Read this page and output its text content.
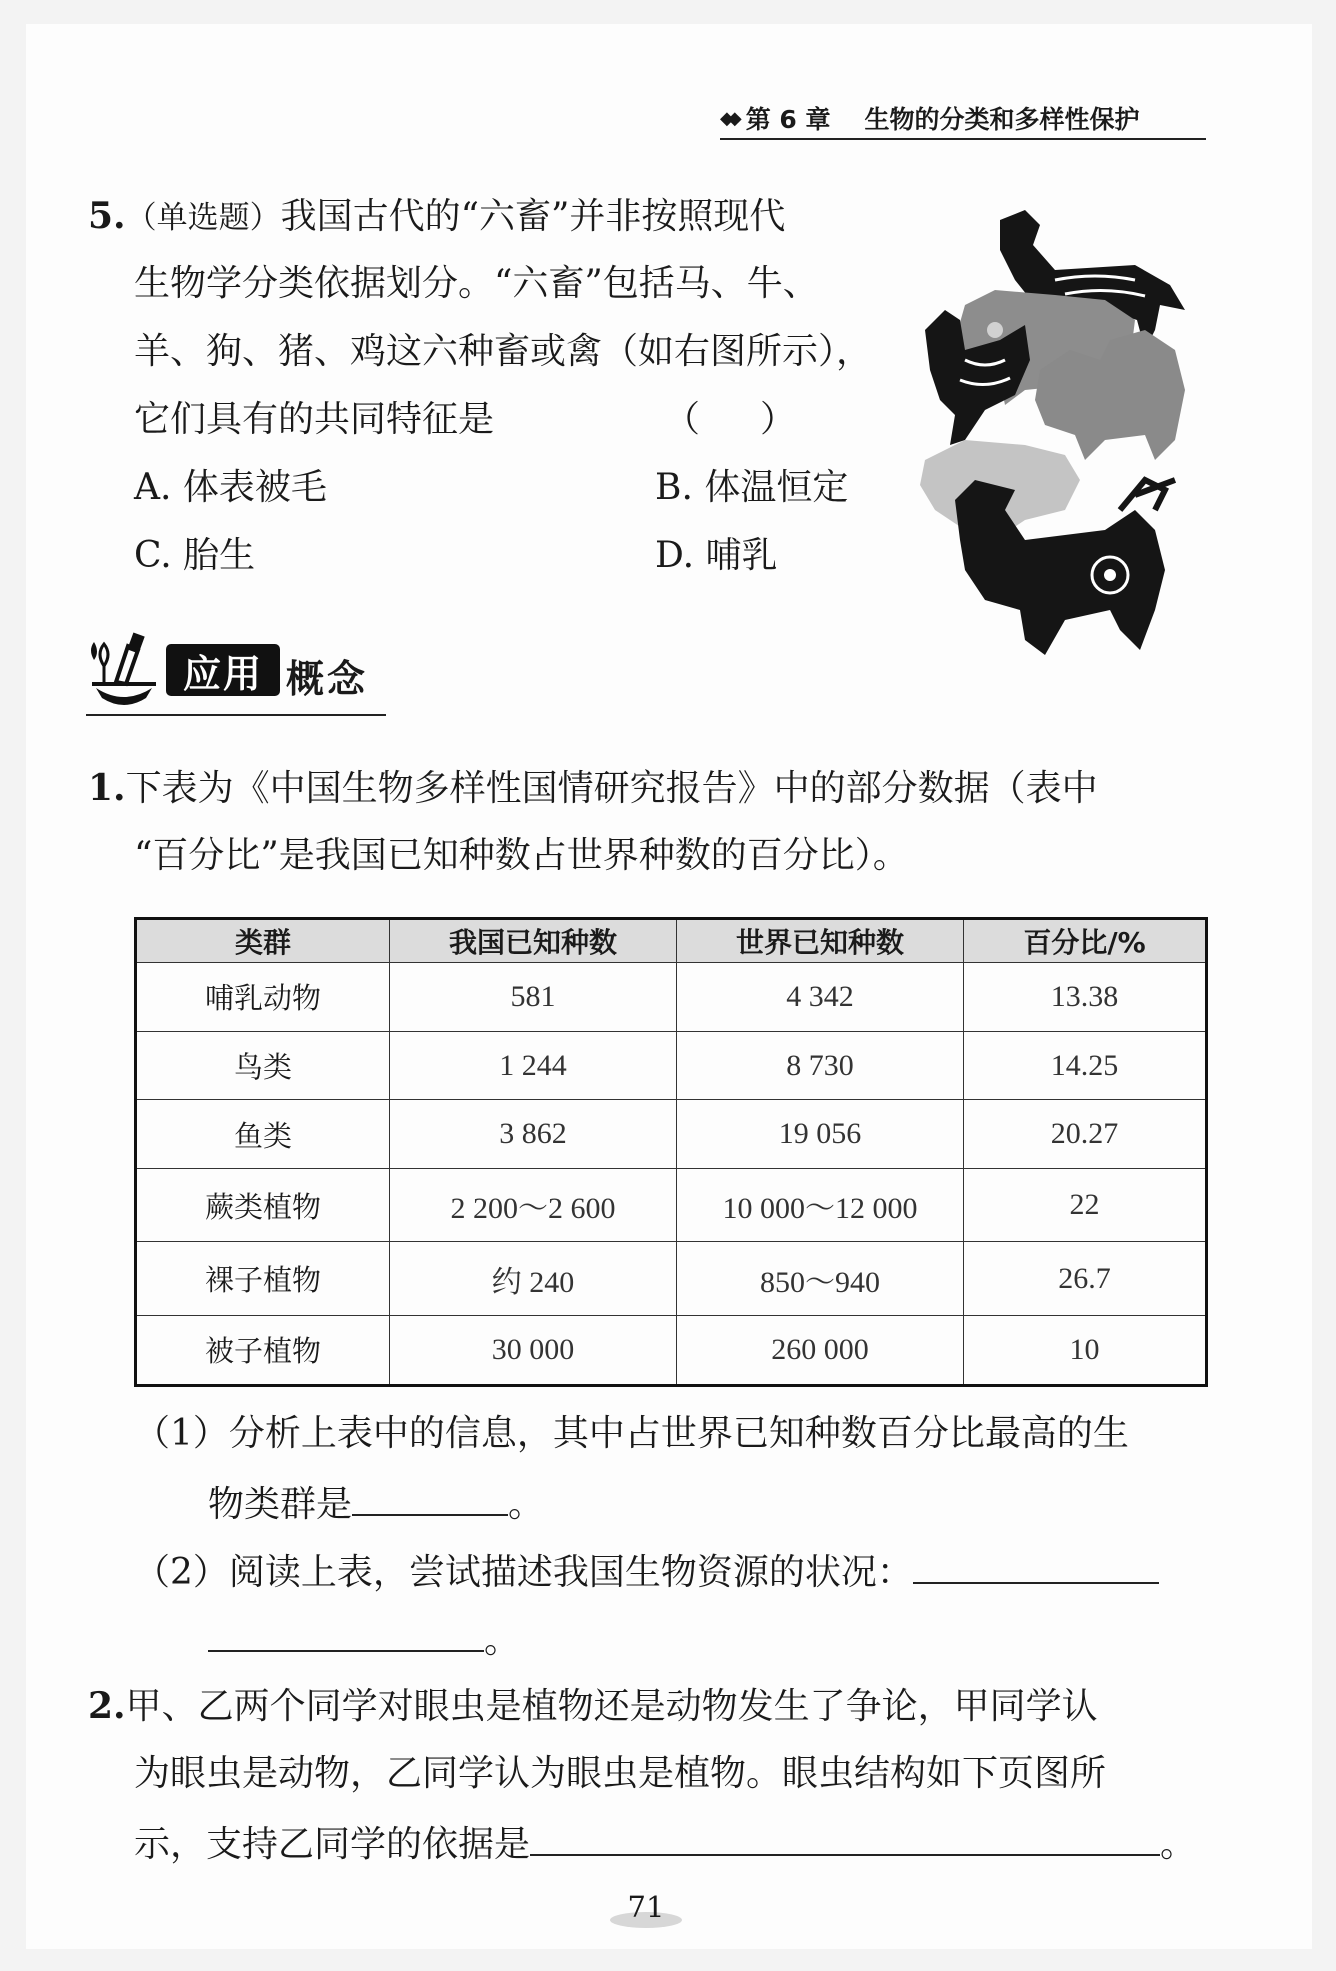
◆◆ 第 6 章 生物的分类和多样性保护
5.（单选题）我国古代的“六畜”并非按照现代
生物学分类依据划分。“六畜”包括马、牛、
羊、狗、猪、鸡这六种畜或禽（如右图所示），
它们具有的共同特征是	（ ）
A. 体表被毛	B. 体温恒定
C. 胎生	D. 哺乳
应用 概念
1.下表为《中国生物多样性国情研究报告》中的部分数据（表中
“百分比”是我国已知种数占世界种数的百分比）。
类群	我国已知种数	世界已知种数	百分比/%
哺乳动物	581	4 342	13.38
鸟类	1 244	8 730	14.25
鱼类	3 862	19 056	20.27
蕨类植物	2 200～2 600	10 000～12 000	22
裸子植物	约 240	850～940	26.7
被子植物	30 000	260 000	10
（1）分析上表中的信息，其中占世界已知种数百分比最高的生
物类群是	。
（2）阅读上表，尝试描述我国生物资源的状况：
。
2.甲、乙两个同学对眼虫是植物还是动物发生了争论，甲同学认
为眼虫是动物，乙同学认为眼虫是植物。眼虫结构如下页图所
示，支持乙同学的依据是	。
71
